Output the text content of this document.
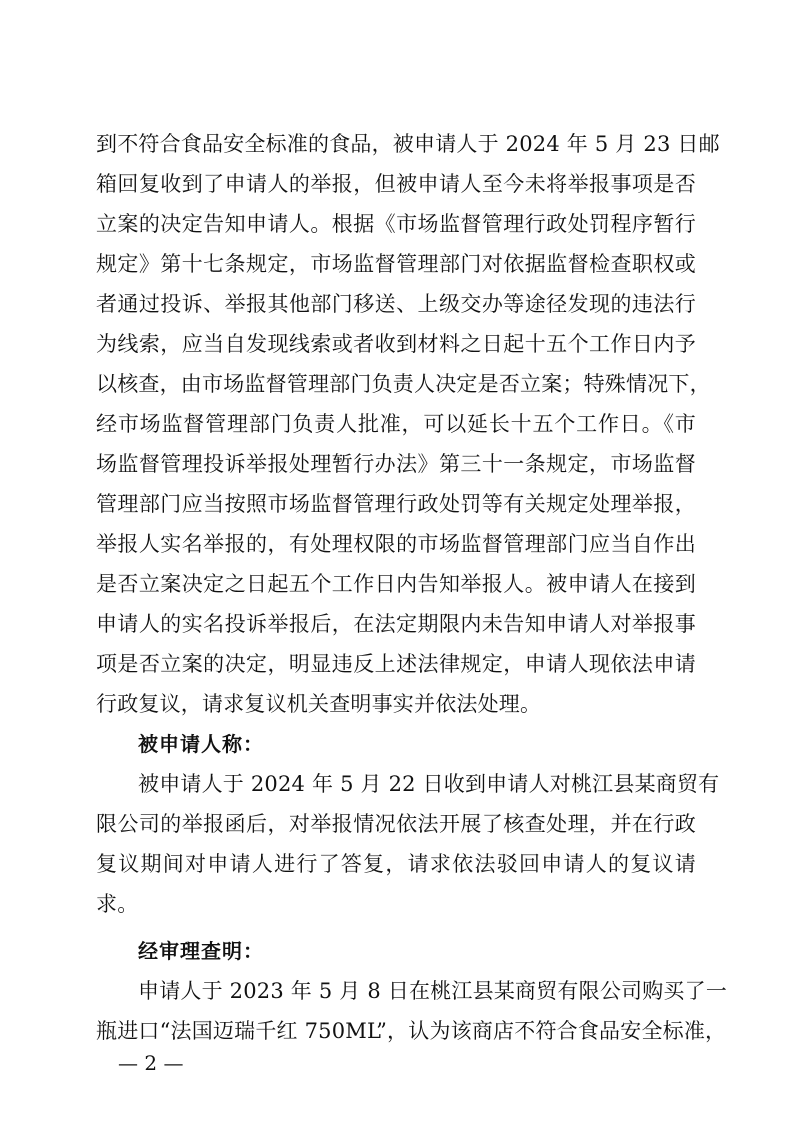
到不符合食品安全标准的食品，被申请人于 2024 年 5 月 23 日邮
箱回复收到了申请人的举报，但被申请人至今未将举报事项是否
立案的决定告知申请人。根据《市场监督管理行政处罚程序暂行
规定》第十七条规定，市场监督管理部门对依据监督检查职权或
者通过投诉、举报其他部门移送、上级交办等途径发现的违法行
为线索，应当自发现线索或者收到材料之日起十五个工作日内予
以核查，由市场监督管理部门负责人决定是否立案；特殊情况下，
经市场监督管理部门负责人批准，可以延长十五个工作日。《市
场监督管理投诉举报处理暂行办法》第三十一条规定，市场监督
管理部门应当按照市场监督管理行政处罚等有关规定处理举报，
举报人实名举报的，有处理权限的市场监督管理部门应当自作出
是否立案决定之日起五个工作日内告知举报人。被申请人在接到
申请人的实名投诉举报后，在法定期限内未告知申请人对举报事
项是否立案的决定，明显违反上述法律规定，申请人现依法申请
行政复议，请求复议机关查明事实并依法处理。
被申请人称：
被申请人于 2024 年 5 月 22 日收到申请人对桃江县某商贸有
限公司的举报函后，对举报情况依法开展了核查处理，并在行政
复议期间对申请人进行了答复，请求依法驳回申请人的复议请
求。
经审理查明：
申请人于 2023 年 5 月 8 日在桃江县某商贸有限公司购买了一
瓶进口“法国迈瑞千红 750ML”，认为该商店不符合食品安全标准，
— 2 —
